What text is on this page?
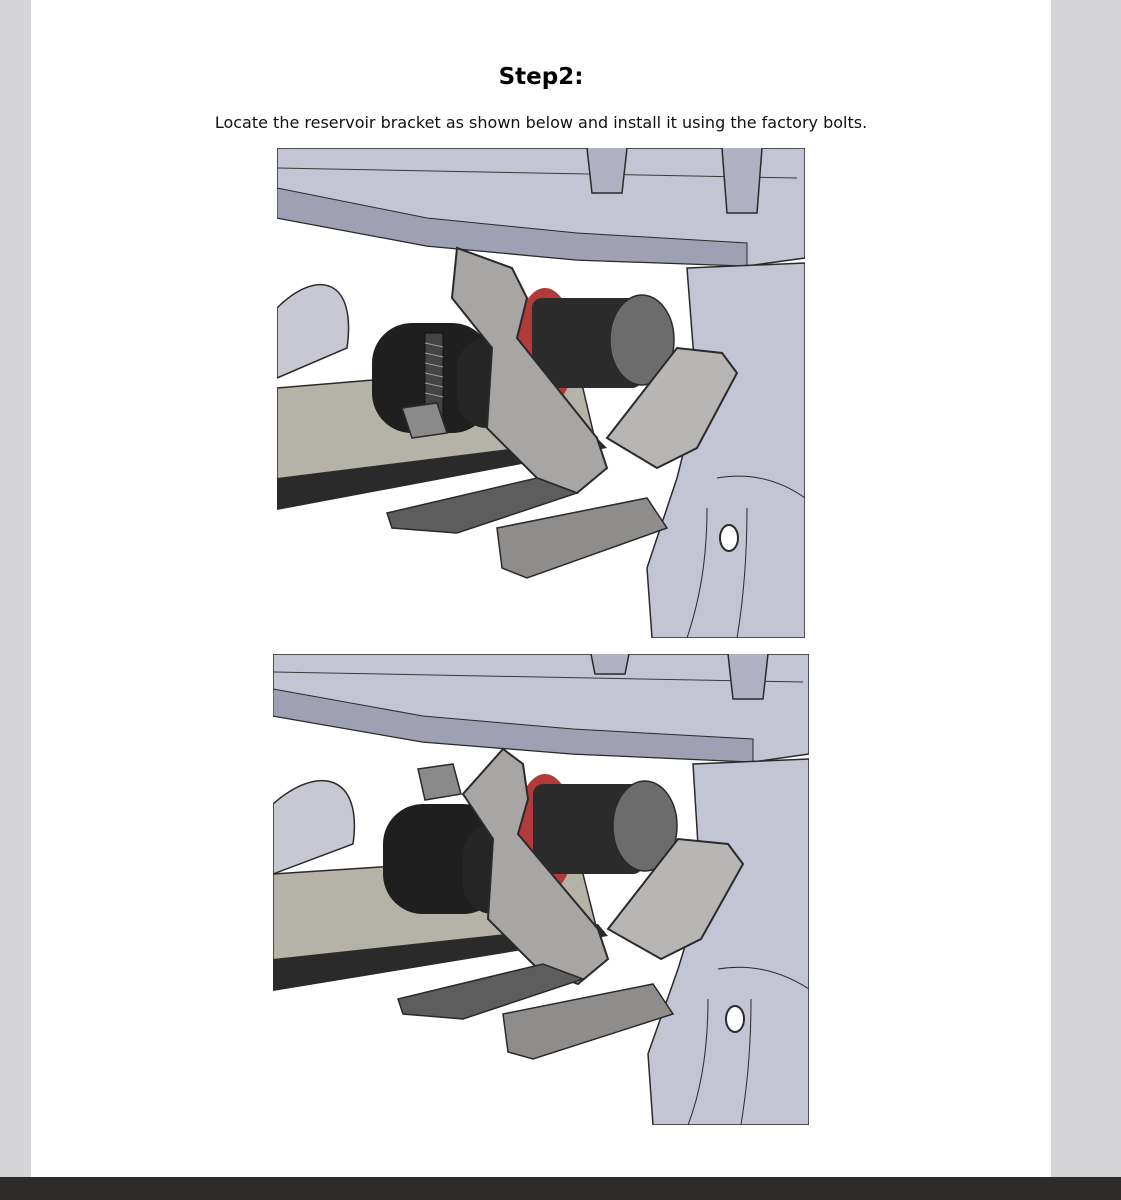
Step2:
Locate the reservoir bracket as shown below and install it using the factory bolts.
